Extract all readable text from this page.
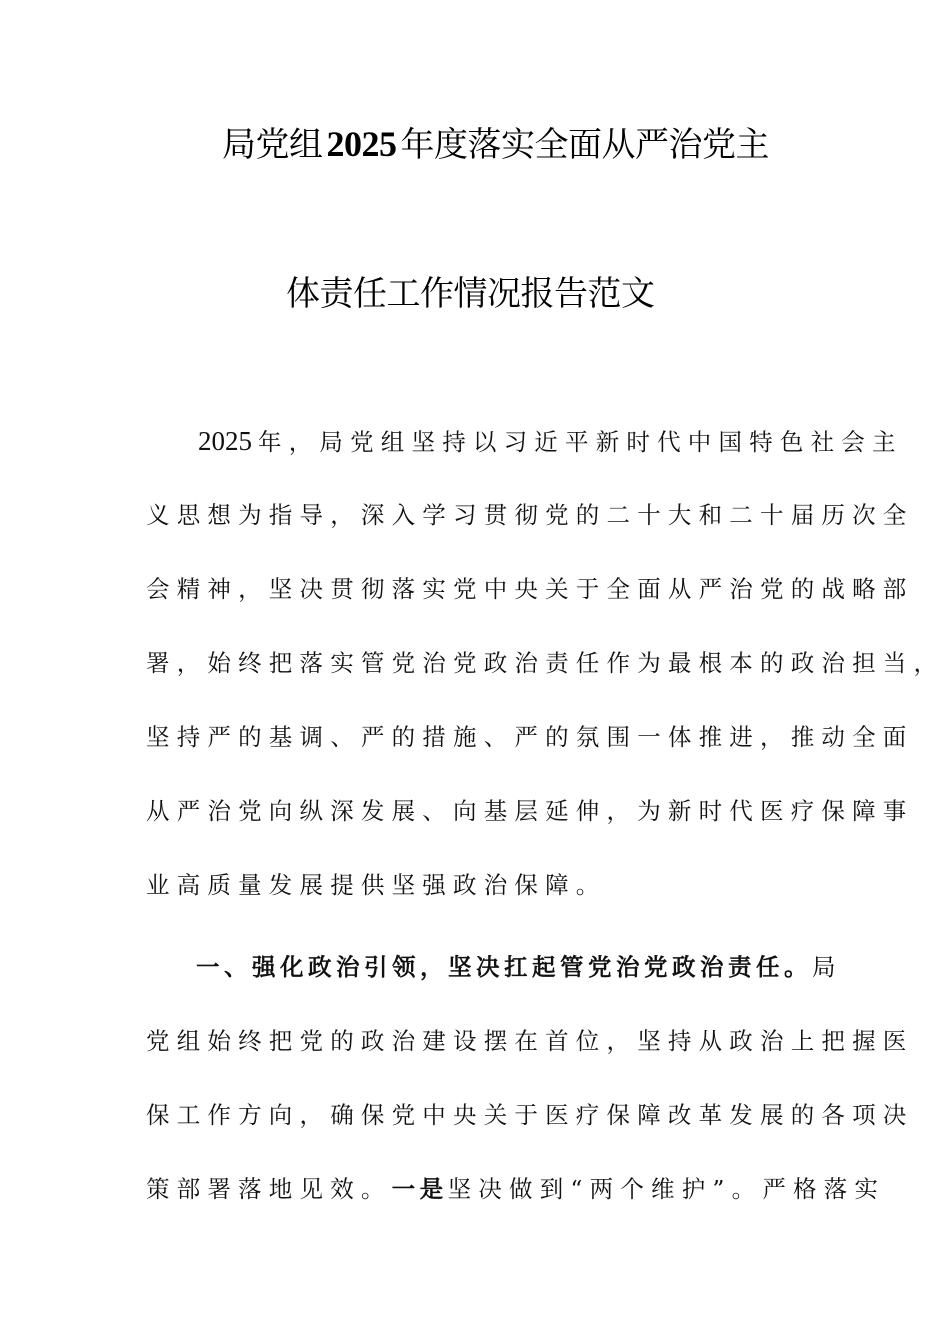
局党组 2025 年度落实全面从严治党主
体责任工作情况报告范文
2025 年，局党组坚持以习近平新时代中国特色社会主
义思想为指导，深入学习贯彻党的二十大和二十届历次全
会精神，坚决贯彻落实党中央关于全面从严治党的战略部
署，始终把落实管党治党政治责任作为最根本的政治担当，
坚持严的基调、严的措施、严的氛围一体推进，推动全面
从严治党向纵深发展、向基层延伸，为新时代医疗保障事
业高质量发展提供坚强政治保障。
一、强化政治引领，坚决扛起管党治党政治责任。局
党组始终把党的政治建设摆在首位，坚持从政治上把握医
保工作方向，确保党中央关于医疗保障改革发展的各项决
策部署落地见效。一是坚决做到“两个维护”。严格落实
